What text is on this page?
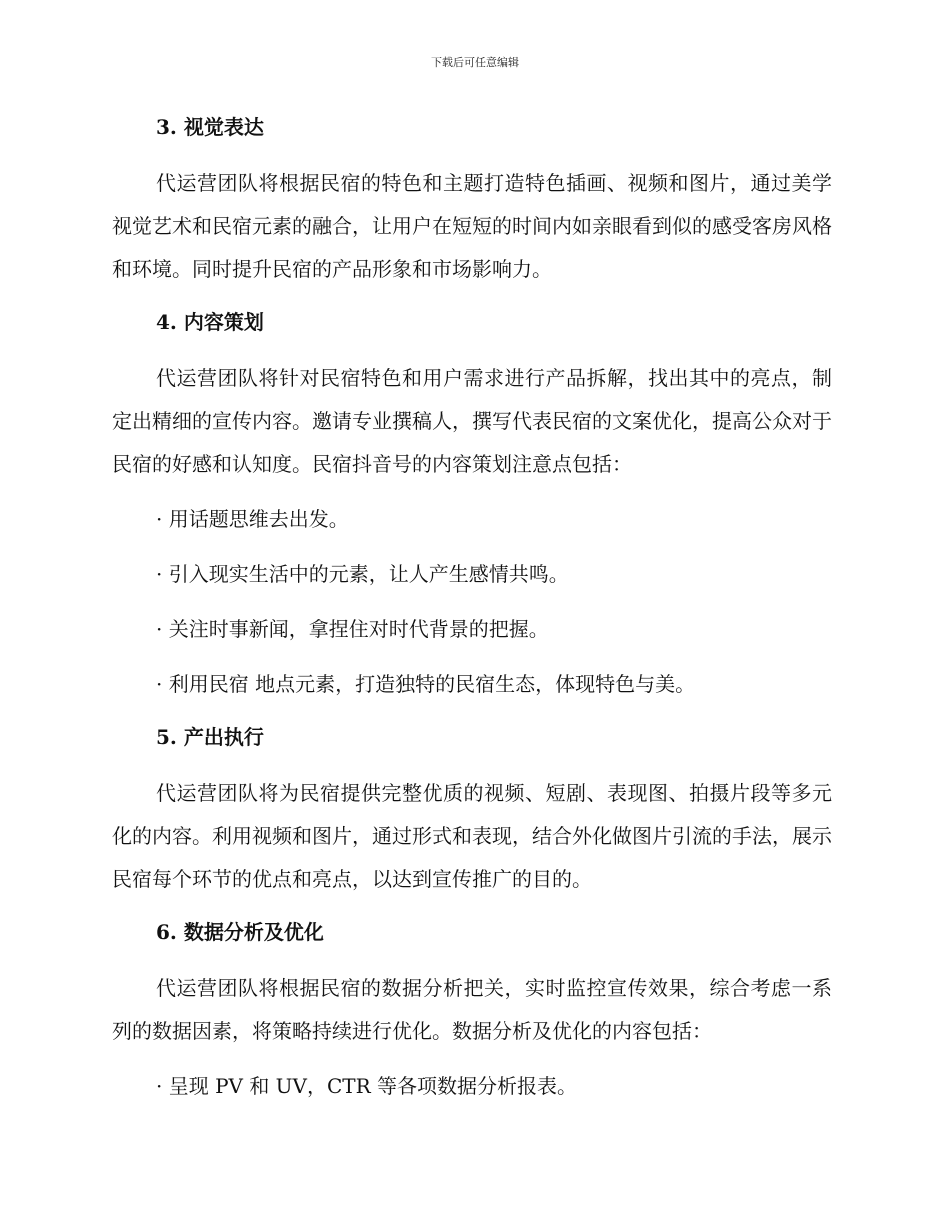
下载后可任意编辑
3. 视觉表达

代运营团队将根据民宿的特色和主题打造特色插画、视频和图片，通过美学视觉艺术和民宿元素的融合，让用户在短短的时间内如亲眼看到似的感受客房风格和环境。同时提升民宿的产品形象和市场影响力。

4. 内容策划

代运营团队将针对民宿特色和用户需求进行产品拆解，找出其中的亮点，制定出精细的宣传内容。邀请专业撰稿人，撰写代表民宿的文案优化，提高公众对于民宿的好感和认知度。民宿抖音号的内容策划注意点包括：

· 用话题思维去出发。

· 引入现实生活中的元素，让人产生感情共鸣。

· 关注时事新闻，拿捏住对时代背景的把握。

· 利用民宿 地点元素，打造独特的民宿生态，体现特色与美。

5. 产出执行

代运营团队将为民宿提供完整优质的视频、短剧、表现图、拍摄片段等多元化的内容。利用视频和图片，通过形式和表现，结合外化做图片引流的手法，展示民宿每个环节的优点和亮点，以达到宣传推广的目的。

6. 数据分析及优化

代运营团队将根据民宿的数据分析把关，实时监控宣传效果，综合考虑一系列的数据因素，将策略持续进行优化。数据分析及优化的内容包括：

· 呈现 PV 和 UV，CTR 等各项数据分析报表。
